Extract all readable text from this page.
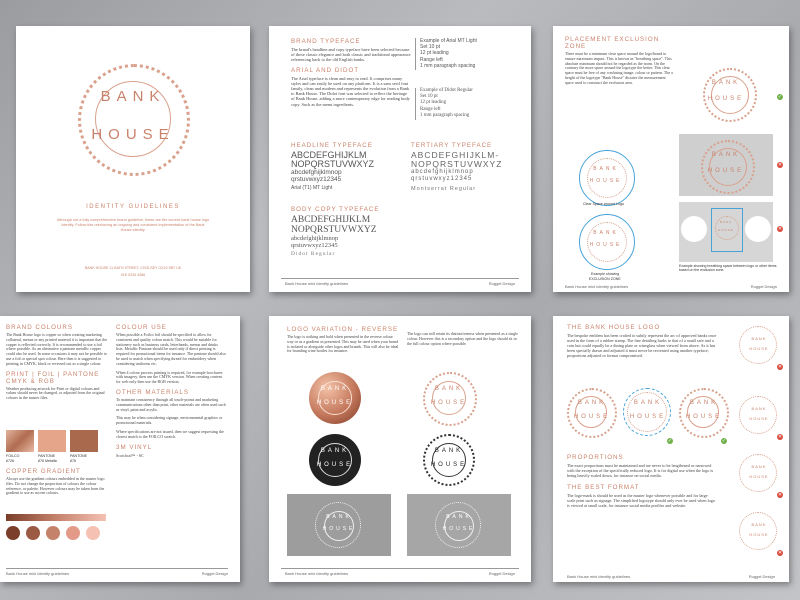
BANK
HOUSE
IDENTITY GUIDELINES
Although not a fully comprehensive brand guideline, these are the current bank house logo identity. Follow this reinforcing an ongoing and consistent implementation of the Bank House identity.
BANK HOUSE 11 BATH STREET, CHOLSEY OX10 9BT UK
01E 0234 4366
BRAND TYPEFACE
The brand's headline and copy typeface have been selected because of these classic elegance and both classic and traditional appearance referencing back to the old English banks.
ARIAL AND DIDOT
The Arial typeface is clean and easy to read. It comprises many styles and can easily be used on any platform. It is a sans serif font family, clean and modern and represents the evolution from a Bank to Bank House. The Didot font was selected to reflect the heritage of Bank House, adding a more contemporary edge for reading body copy. Such as the menu ingredients.
Example of Arial MT Light
Set 10 pt
12 pt leading
Range left
1 mm paragraph spacing
Example of Didot Regular
Set 10 pt
12 pt leading
Range left
1 mm paragraph spacing
HEADLINE TYPEFACE
ABCDEFGHIJKLM
NOPQRSTUVWXYZ
abcdefghijklmnop
qrstuvwxyz12345
Arial (T1) MT Light
TERTIARY TYPEFACE
ABCDEFGHIJKLM-
NOPQRSTUVWXYZ
abcdefghijklmnop
qrstuvwxyz12345
Montserrat Regular
BODY COPY TYPEFACE
ABCDEFGHIJKLM
NOPQRSTUVWXYZ
abcdefghijklmnop
qrstuvwxyz12345
Didot Regular
Bank House mini identity guidelines	Ruggel Design
PLACEMENT EXCLUSION ZONE
There must be a minimum clear space around the logo/brand to ensure maximum impact. This is known as "breathing space". This absolute minimum should not be regarded as the norm. On the contrary the more space around the logotype the better. This clear space must be free of any confusing image, colour or pattern. The x height of the logotype "Bank House" dictates the measurement space used to construct the exclusion area.	BANK
HOUSE	✓
BANK
HOUSE
✕
BANK
HOUSE	✕
Example showing breathing space between logo or other items based on the exclusion zone.
BANK
HOUSE
Clear Space around Logo
BANK
HOUSE
Example showing
EXCLUSION ZONE
Bank House mini identity guidelines	Ruggel Design
BRAND COLOURS
The Bank House logo is copper so when creating marketing collateral, menus or any printed material it is important that the copper is reflected correctly. It is recommended to use a foil where possible. As an alternative a pantone metallic copper could also be used. In some occasions it may not be possible to use a foil or special spot colour. Here then it is suggested to printing in CMYK, black or reversed out as a single colour.
PRINT | FOIL | PANTONE
CMYK & RGB
Weather producing artwork for Print or digital colours and values should never be changed, or adjusted from the original colours in the master files.
FOILCO
6726
PANTONE
876 Metallic
PANTONE
876
COPPER GRADIENT
Always use the gradient colours embedded in the master logo files. Do not change the proportion of colours the colour reference, or palette. However colours may be taken from the gradient to use as accent colours.
COLOUR USE
When possible a Foilco foil should be specified to allow for consistent and quality colour match. This would be suitable for stationery such as business cards, letterheads, menus and drinks lists. Metallic Pantone should be used only if direct printing is required for promotional items for instance. The pantone should also be used to match when specifying thread for embroidery when considering uniforms etc.
When 4 colour process printing is required, for example brochures with imagery, then use the CMYK version. When creating content for web only then use the RGB version.
OTHER MATERIALS
To maintain consistency through all touch-points and marketing communications other than print, other materials are often used such as vinyl, paint and acrylic.
This may be when considering signage, environmental graphics or promotional materials.
Where specifications are not issued, then we suggest requesting the closest match to the FOILCO swatch.
3M VINYL
Scotchcal™ - SC
Bank House mini identity guidelines	Ruggel Design
LOGO VARIATION - REVERSE
The logo is striking and bold when presented in the reverse colour way or as a gradient as presented. This may be used when your brand is isolated or alongside other logos and brands. This will also be ideal for branding wine bottles for instance.
The logo can still retain its distinctiveness when presented as a single colour. However this is a secondary option and the logo should sit in the full colour option where possible.
BANK
HOUSE
BANK
HOUSE
BANK
HOUSE
BANK
HOUSE
BANK
HOUSE
BANK
HOUSE
Bank House mini identity guidelines	Ruggel Design
THE BANK HOUSE LOGO
The bespoke emblem has been crafted to subtly represent the arc of approved banks once used in the form of a rubber stamp. The fine detailing harks to that of a small safe and a coin but could equally be a dining plate or wineglass when viewed from above. As it has been specially drawn and adjusted it must never be recreated using another typeface, proportions adjusted or format compromised.
BANK
HOUSE
BANK
HOUSE
BANK
HOUSE
✓	✓
BANK
HOUSE
BANK
HOUSE
BANK
HOUSE
BANK
HOUSE
✕
✕
✕
✕
PROPORTIONS
The exact proportions must be maintained and are never to be lengthened or narrowed with the exception of the specifically reduced logo. It is for digital use when the logo is being heavily scaled down, for instance on social media.
THE BEST FORMAT
The logo-mark is should be used as the master logo whenever possible and for large scale print such as signage. The simplified logotype should only ever be used when logo is viewed at small scale, for instance social media profiles and website.
Bank House mini identity guidelines	Ruggel Design
